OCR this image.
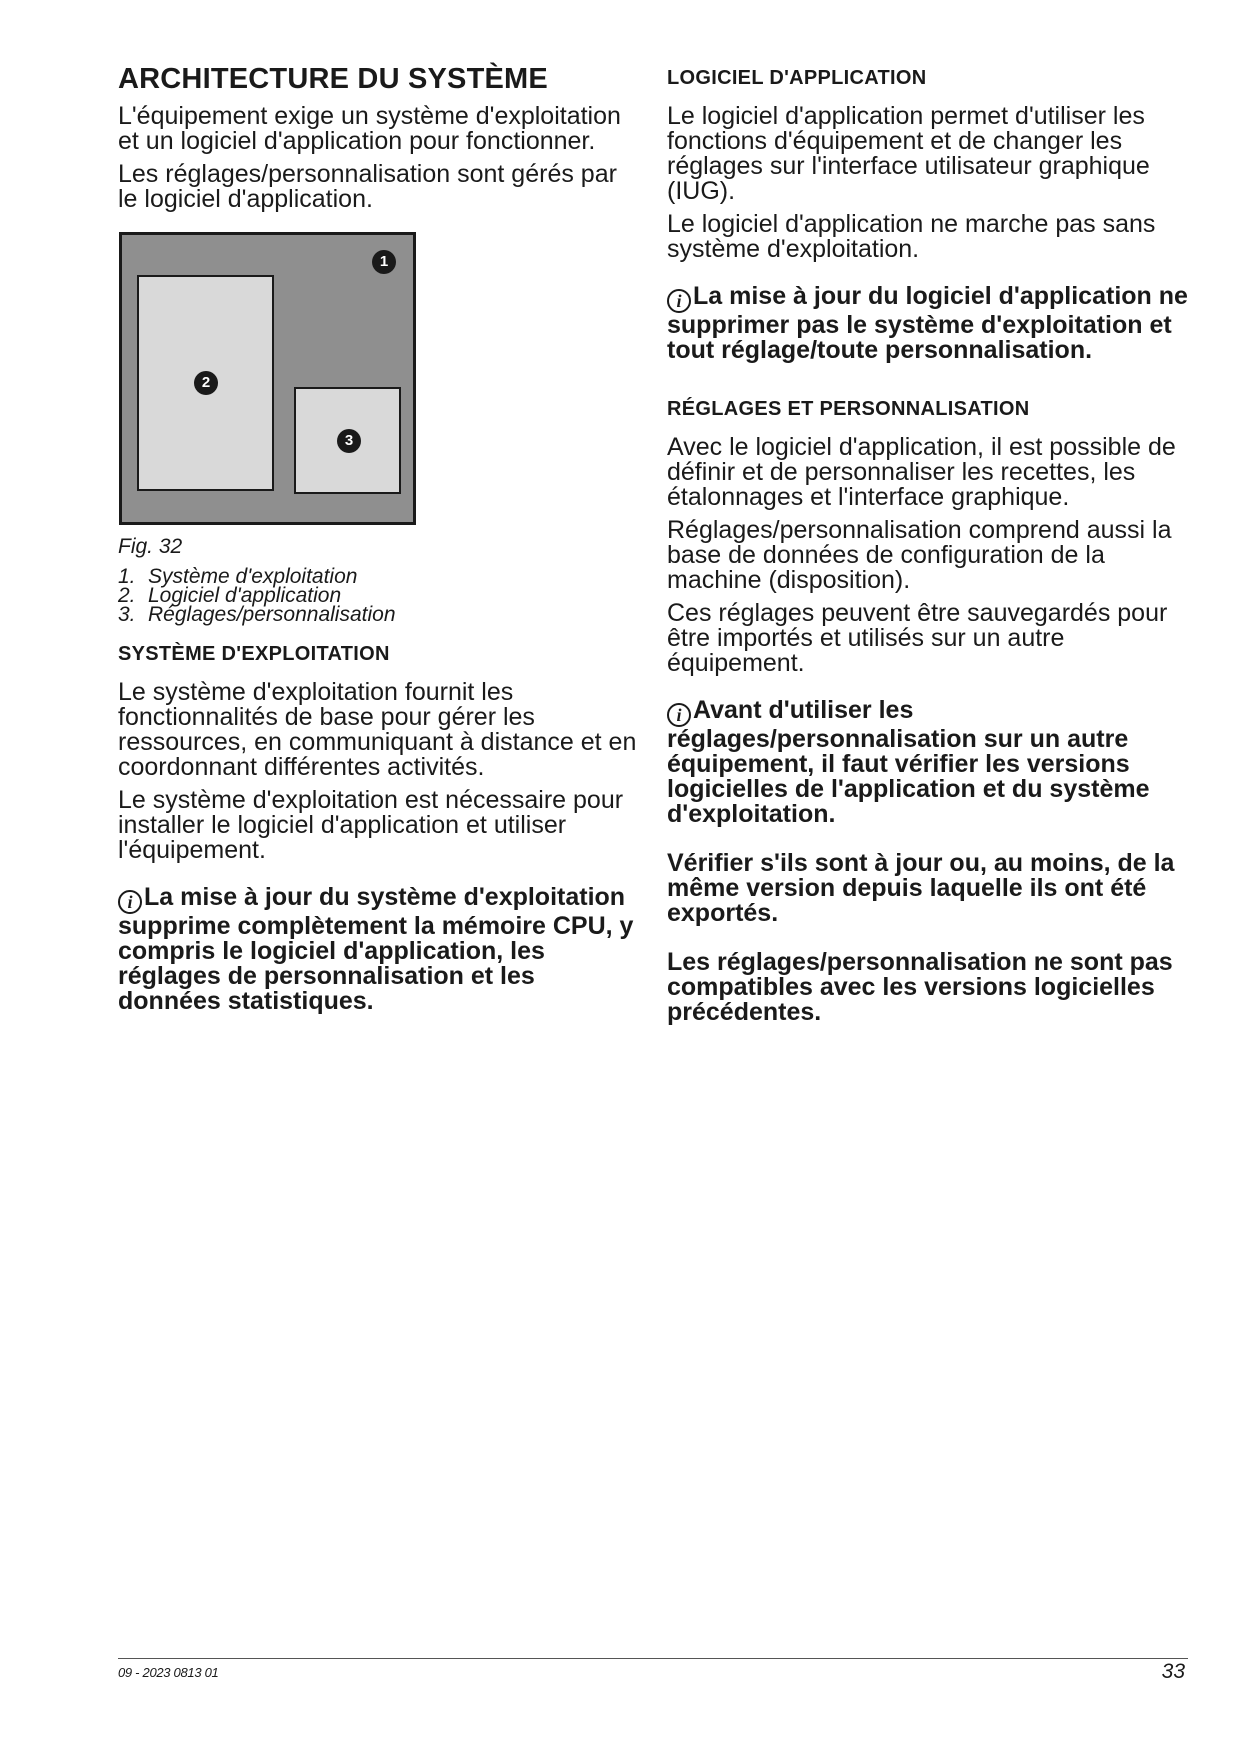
ARCHITECTURE DU SYSTÈME

L'équipement exige un système d'exploitation et un logiciel d'application pour fonctionner.

Les réglages/personnalisation sont gérés par le logiciel d'application.

1
2
3
Fig. 32
1. Système d'exploitation
2. Logiciel d'application
3. Réglages/personnalisation
SYSTÈME D'EXPLOITATION

Le système d'exploitation fournit les fonctionnalités de base pour gérer les ressources, en communiquant à distance et en coordonnant différentes activités.

Le système d'exploitation est nécessaire pour installer le logiciel d'application et utiliser l'équipement.

i La mise à jour du système d'exploitation supprime complètement la mémoire CPU, y compris le logiciel d'application, les réglages de personnalisation et les données statistiques.

LOGICIEL D'APPLICATION

Le logiciel d'application permet d'utiliser les fonctions d'équipement et de changer les réglages sur l'interface utilisateur graphique (IUG).

Le logiciel d'application ne marche pas sans système d'exploitation.

i La mise à jour du logiciel d'application ne supprimer pas le système d'exploitation et tout réglage/toute personnalisation.

RÉGLAGES ET PERSONNALISATION

Avec le logiciel d'application, il est possible de définir et de personnaliser les recettes, les étalonnages et l'interface graphique.

Réglages/personnalisation comprend aussi la base de données de configuration de la machine (disposition).

Ces réglages peuvent être sauvegardés pour être importés et utilisés sur un autre équipement.

i Avant d'utiliser les réglages/personnalisation sur un autre équipement, il faut vérifier les versions logicielles de l'application et du système d'exploitation.

Vérifier s'ils sont à jour ou, au moins, de la même version depuis laquelle ils ont été exportés.

Les réglages/personnalisation ne sont pas compatibles avec les versions logicielles précédentes.

09 - 2023 0813 01	33
